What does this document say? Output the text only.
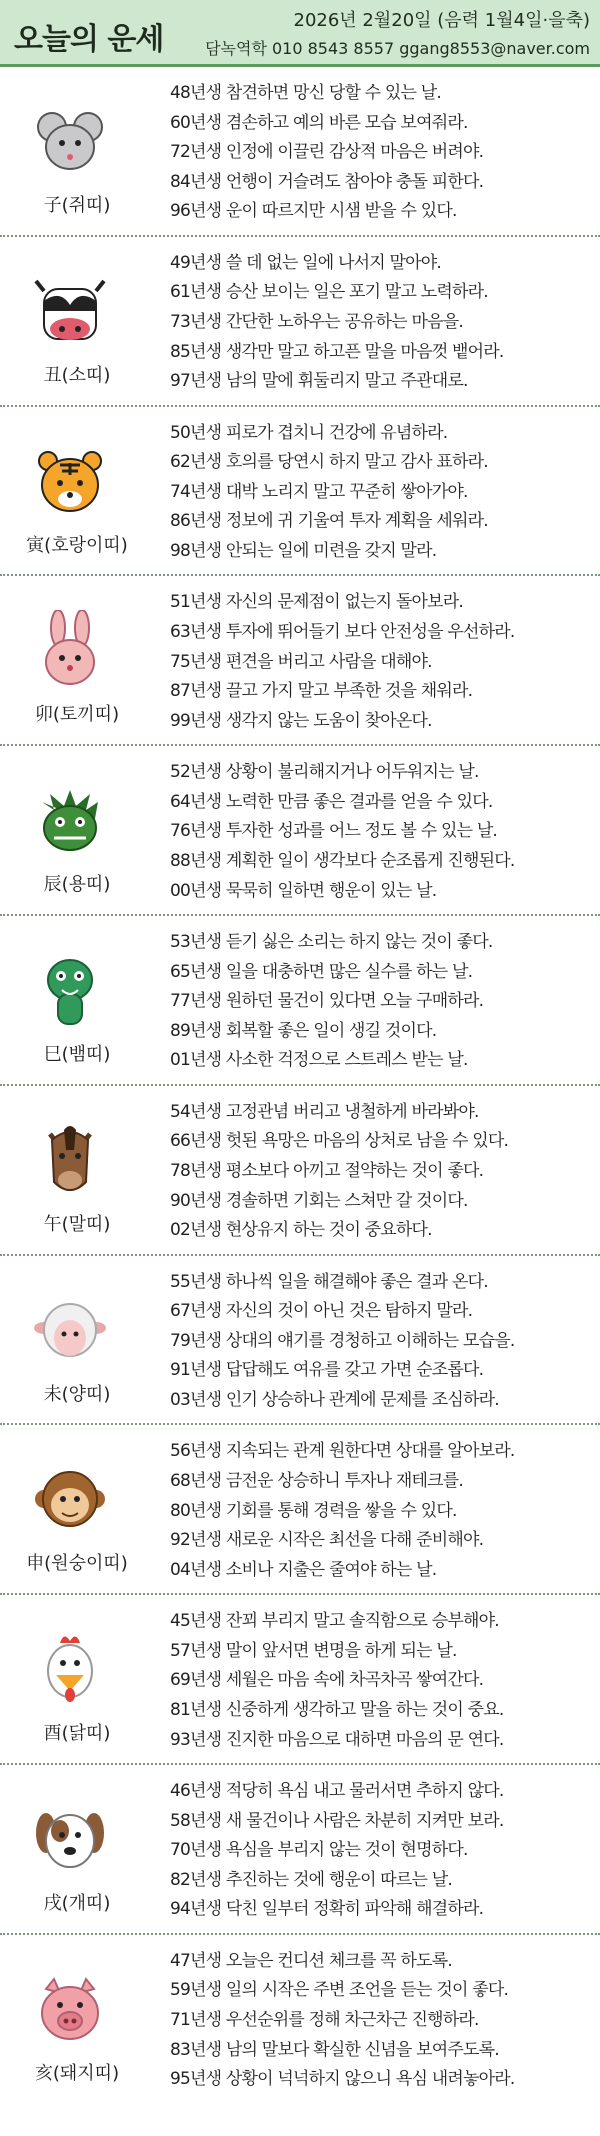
오늘의 운세
2026년 2월20일 (음력 1월4일·을축)
담녹역학 010 8543 8557 ggang8553@naver.com
子(쥐띠)
48년생 참견하면 망신 당할 수 있는 날.
60년생 겸손하고 예의 바른 모습 보여줘라.
72년생 인정에 이끌린 감상적 마음은 버려야.
84년생 언행이 거슬려도 참아야 충돌 피한다.
96년생 운이 따르지만 시샘 받을 수 있다.
丑(소띠)
49년생 쓸 데 없는 일에 나서지 말아야.
61년생 승산 보이는 일은 포기 말고 노력하라.
73년생 간단한 노하우는 공유하는 마음을.
85년생 생각만 말고 하고픈 말을 마음껏 뱉어라.
97년생 남의 말에 휘둘리지 말고 주관대로.
寅(호랑이띠)
50년생 피로가 겹치니 건강에 유념하라.
62년생 호의를 당연시 하지 말고 감사 표하라.
74년생 대박 노리지 말고 꾸준히 쌓아가야.
86년생 정보에 귀 기울여 투자 계획을 세워라.
98년생 안되는 일에 미련을 갖지 말라.
卯(토끼띠)
51년생 자신의 문제점이 없는지 돌아보라.
63년생 투자에 뛰어들기 보다 안전성을 우선하라.
75년생 편견을 버리고 사람을 대해야.
87년생 끌고 가지 말고 부족한 것을 채워라.
99년생 생각지 않는 도움이 찾아온다.
辰(용띠)
52년생 상황이 불리해지거나 어두워지는 날.
64년생 노력한 만큼 좋은 결과를 얻을 수 있다.
76년생 투자한 성과를 어느 정도 볼 수 있는 날.
88년생 계획한 일이 생각보다 순조롭게 진행된다.
00년생 묵묵히 일하면 행운이 있는 날.
巳(뱀띠)
53년생 듣기 싫은 소리는 하지 않는 것이 좋다.
65년생 일을 대충하면 많은 실수를 하는 날.
77년생 원하던 물건이 있다면 오늘 구매하라.
89년생 회복할 좋은 일이 생길 것이다.
01년생 사소한 걱정으로 스트레스 받는 날.
午(말띠)
54년생 고정관념 버리고 냉철하게 바라봐야.
66년생 헛된 욕망은 마음의 상처로 남을 수 있다.
78년생 평소보다 아끼고 절약하는 것이 좋다.
90년생 경솔하면 기회는 스쳐만 갈 것이다.
02년생 현상유지 하는 것이 중요하다.
未(양띠)
55년생 하나씩 일을 해결해야 좋은 결과 온다.
67년생 자신의 것이 아닌 것은 탐하지 말라.
79년생 상대의 얘기를 경청하고 이해하는 모습을.
91년생 답답해도 여유를 갖고 가면 순조롭다.
03년생 인기 상승하나 관계에 문제를 조심하라.
申(원숭이띠)
56년생 지속되는 관계 원한다면 상대를 알아보라.
68년생 금전운 상승하니 투자나 재테크를.
80년생 기회를 통해 경력을 쌓을 수 있다.
92년생 새로운 시작은 최선을 다해 준비해야.
04년생 소비나 지출은 줄여야 하는 날.
酉(닭띠)
45년생 잔꾀 부리지 말고 솔직함으로 승부해야.
57년생 말이 앞서면 변명을 하게 되는 날.
69년생 세월은 마음 속에 차곡차곡 쌓여간다.
81년생 신중하게 생각하고 말을 하는 것이 중요.
93년생 진지한 마음으로 대하면 마음의 문 연다.
戌(개띠)
46년생 적당히 욕심 내고 물러서면 추하지 않다.
58년생 새 물건이나 사람은 차분히 지켜만 보라.
70년생 욕심을 부리지 않는 것이 현명하다.
82년생 추진하는 것에 행운이 따르는 날.
94년생 닥친 일부터 정확히 파악해 해결하라.
亥(돼지띠)
47년생 오늘은 컨디션 체크를 꼭 하도록.
59년생 일의 시작은 주변 조언을 듣는 것이 좋다.
71년생 우선순위를 정해 차근차근 진행하라.
83년생 남의 말보다 확실한 신념을 보여주도록.
95년생 상황이 넉넉하지 않으니 욕심 내려놓아라.
